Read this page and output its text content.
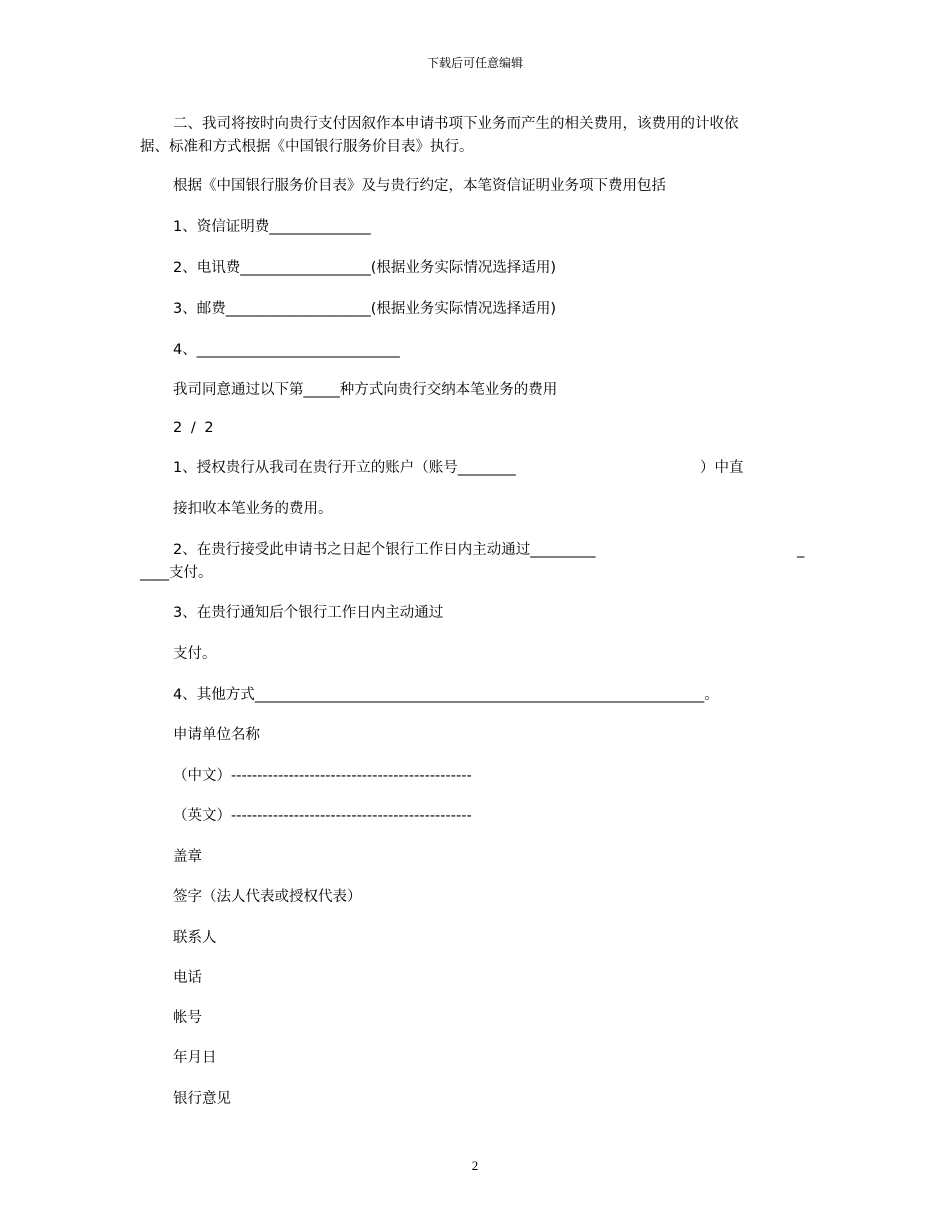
下载后可任意编辑
二、我司将按时向贵行支付因叙作本申请书项下业务而产生的相关费用，该费用的计收依
据、标准和方式根据《中国银行服务价目表》执行。
根据《中国银行服务价目表》及与贵行约定，本笔资信证明业务项下费用包括
1、资信证明费______________
2、电讯费__________________(根据业务实际情况选择适用)
3、邮费____________________(根据业务实际情况选择适用)
4、____________________________
我司同意通过以下第_____种方式向贵行交纳本笔业务的费用
2 / 2
1、授权贵行从我司在贵行开立的账户（账号________	）中直
接扣收本笔业务的费用。
2、在贵行接受此申请书之日起个银行工作日内主动通过_________	_
____支付。
3、在贵行通知后个银行工作日内主动通过
支付。
4、其他方式______________________________________________________________。
申请单位名称
（中文）----------------------------------------------
（英文）----------------------------------------------
盖章
签字（法人代表或授权代表）
联系人
电话
帐号
年月日
银行意见
2
